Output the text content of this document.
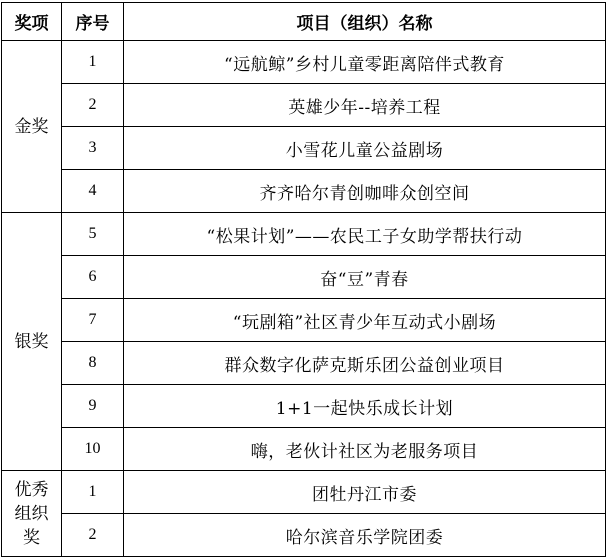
奖项	序号	项目（组织）名称
金奖	1	“远航鲸”乡村儿童零距离陪伴式教育
	2	英雄少年--培养工程
	3	小雪花儿童公益剧场
	4	齐齐哈尔青创咖啡众创空间
银奖	5	“松果计划”——农民工子女助学帮扶行动
	6	奋“豆”青春
	7	“玩剧箱”社区青少年互动式小剧场
	8	群众数字化萨克斯乐团公益创业项目
	9	1+1一起快乐成长计划
	10	嗨，老伙计社区为老服务项目
优秀组织奖	1	团牡丹江市委
	2	哈尔滨音乐学院团委
